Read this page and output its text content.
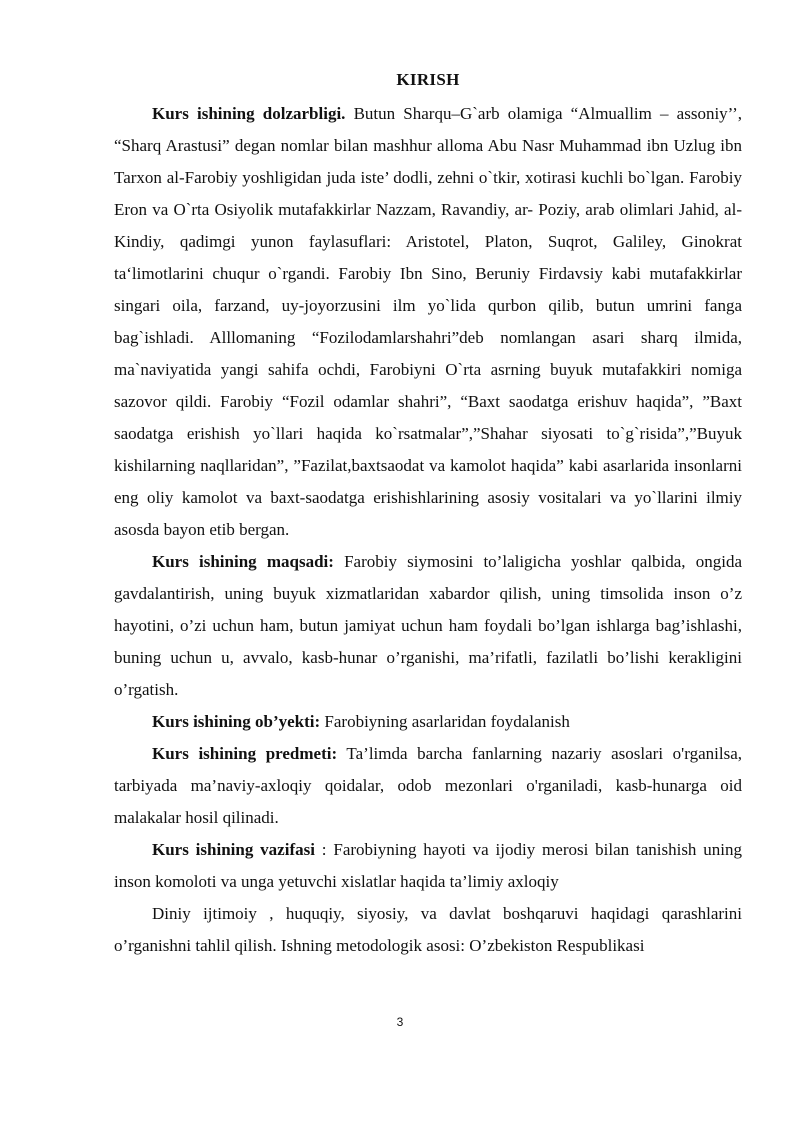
KIRISH

Kurs ishining dolzarbligi. Butun Sharqu–G`arb olamiga “Almuallim – assoniy’’, “Sharq Arastusi” degan nomlar bilan mashhur alloma Abu Nasr Muhammad ibn Uzlug ibn Tarxon al-Farobiy yoshligidan juda iste’ dodli, zehni o`tkir, xotirasi kuchli bo`lgan. Farobiy Eron va O`rta Osiyolik mutafakkirlar Nazzam, Ravandiy, ar- Poziy, arab olimlari Jahid, al-Kindiy, qadimgi yunon faylasuflari: Aristotel, Platon, Suqrot, Galiley, Ginokrat ta‘limotlarini chuqur o`rgandi. Farobiy Ibn Sino, Beruniy Firdavsiy kabi mutafakkirlar singari oila, farzand, uy-joyorzusini ilm yo`lida qurbon qilib, butun umrini fanga bag`ishladi. Alllomaning “Fozilodamlarshahri”deb nomlangan asari sharq ilmida, ma`naviyatida yangi sahifa ochdi, Farobiyni O`rta asrning buyuk mutafakkiri nomiga sazovor qildi. Farobiy “Fozil odamlar shahri”, “Baxt saodatga erishuv haqida”, ”Baxt saodatga erishish yo`llari haqida ko`rsatmalar”,”Shahar siyosati to`g`risida”,”Buyuk kishilarning naqllaridan”, ”Fazilat,baxtsaodat va kamolot haqida” kabi asarlarida insonlarni eng oliy kamolot va baxt-saodatga erishishlarining asosiy vositalari va yo`llarini ilmiy asosda bayon etib bergan.

Kurs ishining maqsadi: Farobiy siymosini to’laligicha yoshlar qalbida, ongida gavdalantirish, uning buyuk xizmatlaridan xabardor qilish, uning timsolida inson o’z hayotini, o’zi uchun ham, butun jamiyat uchun ham foydali bo’lgan ishlarga bag’ishlashi, buning uchun u, avvalo, kasb-hunar o’rganishi, ma’rifatli, fazilatli bo’lishi kerakligini o’rgatish.

Kurs ishining ob’yekti: Farobiyning asarlaridan foydalanish

Kurs ishining predmeti: Ta’limda barcha fanlarning nazariy asoslari o'rganilsa, tarbiyada ma’naviy-axloqiy qoidalar, odob mezonlari o'rganiladi, kasb-hunarga oid malakalar hosil qilinadi.

Kurs ishining vazifasi : Farobiyning hayoti va ijodiy merosi bilan tanishish uning inson komoloti va unga yetuvchi xislatlar haqida ta’limiy axloqiy

Diniy ijtimoiy , huquqiy, siyosiy, va davlat boshqaruvi haqidagi qarashlarini o’rganishni tahlil qilish. Ishning metodologik asosi: O’zbekiston Respublikasi

3
